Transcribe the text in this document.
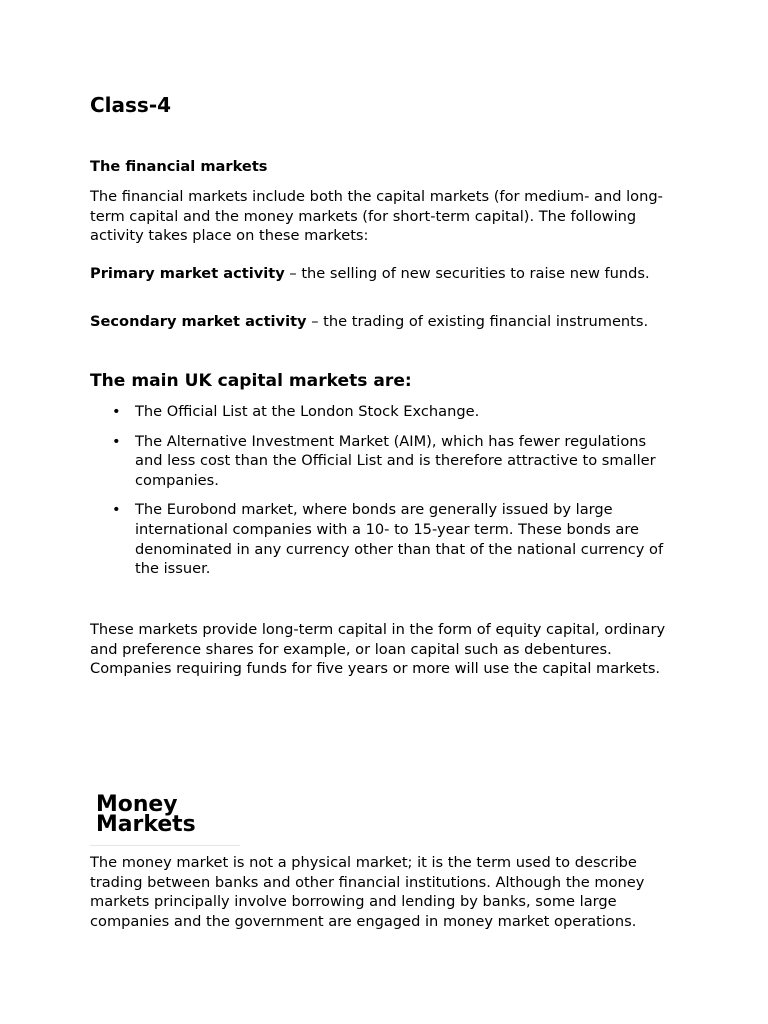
Class-4
The financial markets

The financial markets include both the capital markets (for medium- and long-term capital and the money markets (for short-term capital). The following activity takes place on these markets:

Primary market activity – the selling of new securities to raise new funds.

Secondary market activity – the trading of existing financial instruments.

The main UK capital markets are:
• The Official List at the London Stock Exchange.
• The Alternative Investment Market (AIM), which has fewer regulations and less cost than the Official List and is therefore attractive to smaller companies.
• The Eurobond market, where bonds are generally issued by large international companies with a 10- to 15-year term. These bonds are denominated in any currency other than that of the national currency of the issuer.

These markets provide long-term capital in the form of equity capital, ordinary and preference shares for example, or loan capital such as debentures. Companies requiring funds for five years or more will use the capital markets.

Money Markets

The money market is not a physical market; it is the term used to describe trading between banks and other financial institutions. Although the money markets principally involve borrowing and lending by banks, some large companies and the government are engaged in money market operations.
